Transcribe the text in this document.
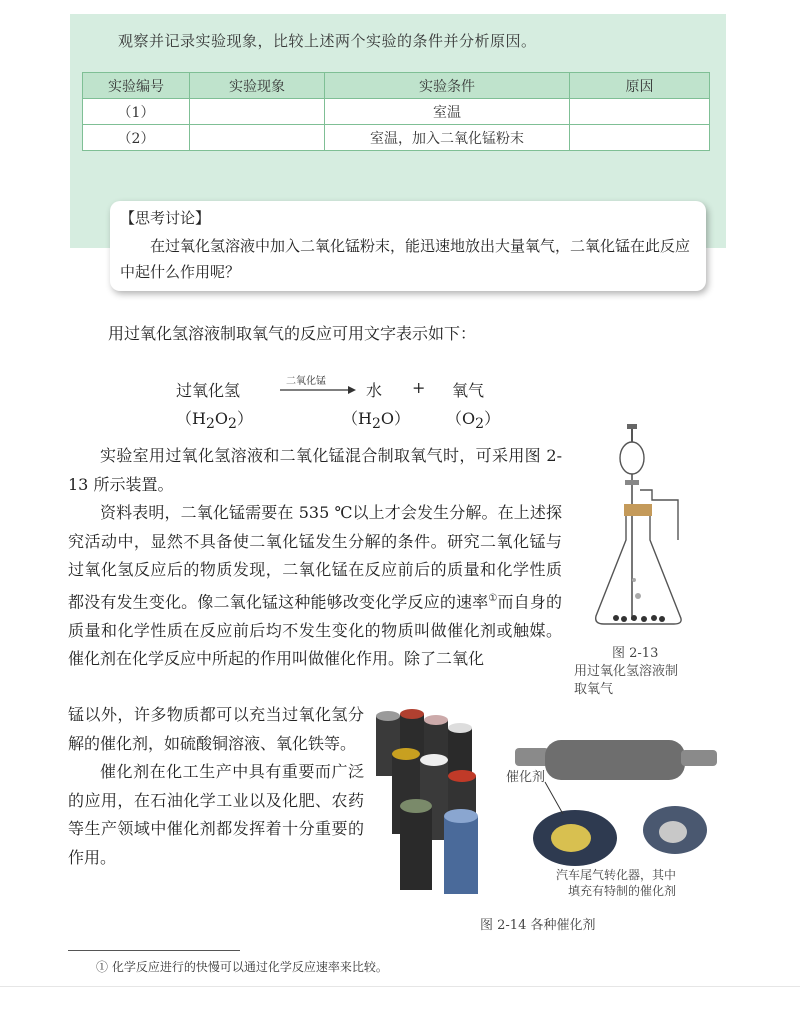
观察并记录实验现象，比较上述两个实验的条件并分析原因。
实验编号	实验现象	实验条件	原因
（1）		室温	
（2）		室温，加入二氧化锰粉末	
【思考讨论】
在过氧化氢溶液中加入二氧化锰粉末，能迅速地放出大量氧气，二氧化锰在此反应中起什么作用呢？
用过氧化氢溶液制取氧气的反应可用文字表示如下：
过氧化氢	二氧化锰	水 + 氧气
$(H_2O_2)$	$(H_2O)$ $(O_2)$

实验室用过氧化氢溶液和二氧化锰混合制取氧气时，可采用图 2-13 所示装置。

资料表明，二氧化锰需要在 535 ℃以上才会发生分解。在上述探究活动中，显然不具备使二氧化锰发生分解的条件。研究二氧化锰与过氧化氢反应后的物质发现，二氧化锰在反应前后的质量和化学性质都没有发生变化。像二氧化锰这种能够改变化学反应的速率①而自身的质量和化学性质在反应前后均不发生变化的物质叫做催化剂或触媒。催化剂在化学反应中所起的作用叫做催化作用。除了二氧化

锰以外，许多物质都可以充当过氧化氢分解的催化剂，如硫酸铜溶液、氧化铁等。

催化剂在化工生产中具有重要而广泛的应用，在石油化学工业以及化肥、农药等生产领域中催化剂都发挥着十分重要的作用。

图 2-13
用过氧化氢溶液制
取氧气
催化剂
汽车尾气转化器，其中
填充有特制的催化剂
图 2-14 各种催化剂
① 化学反应进行的快慢可以通过化学反应速率来比较。
